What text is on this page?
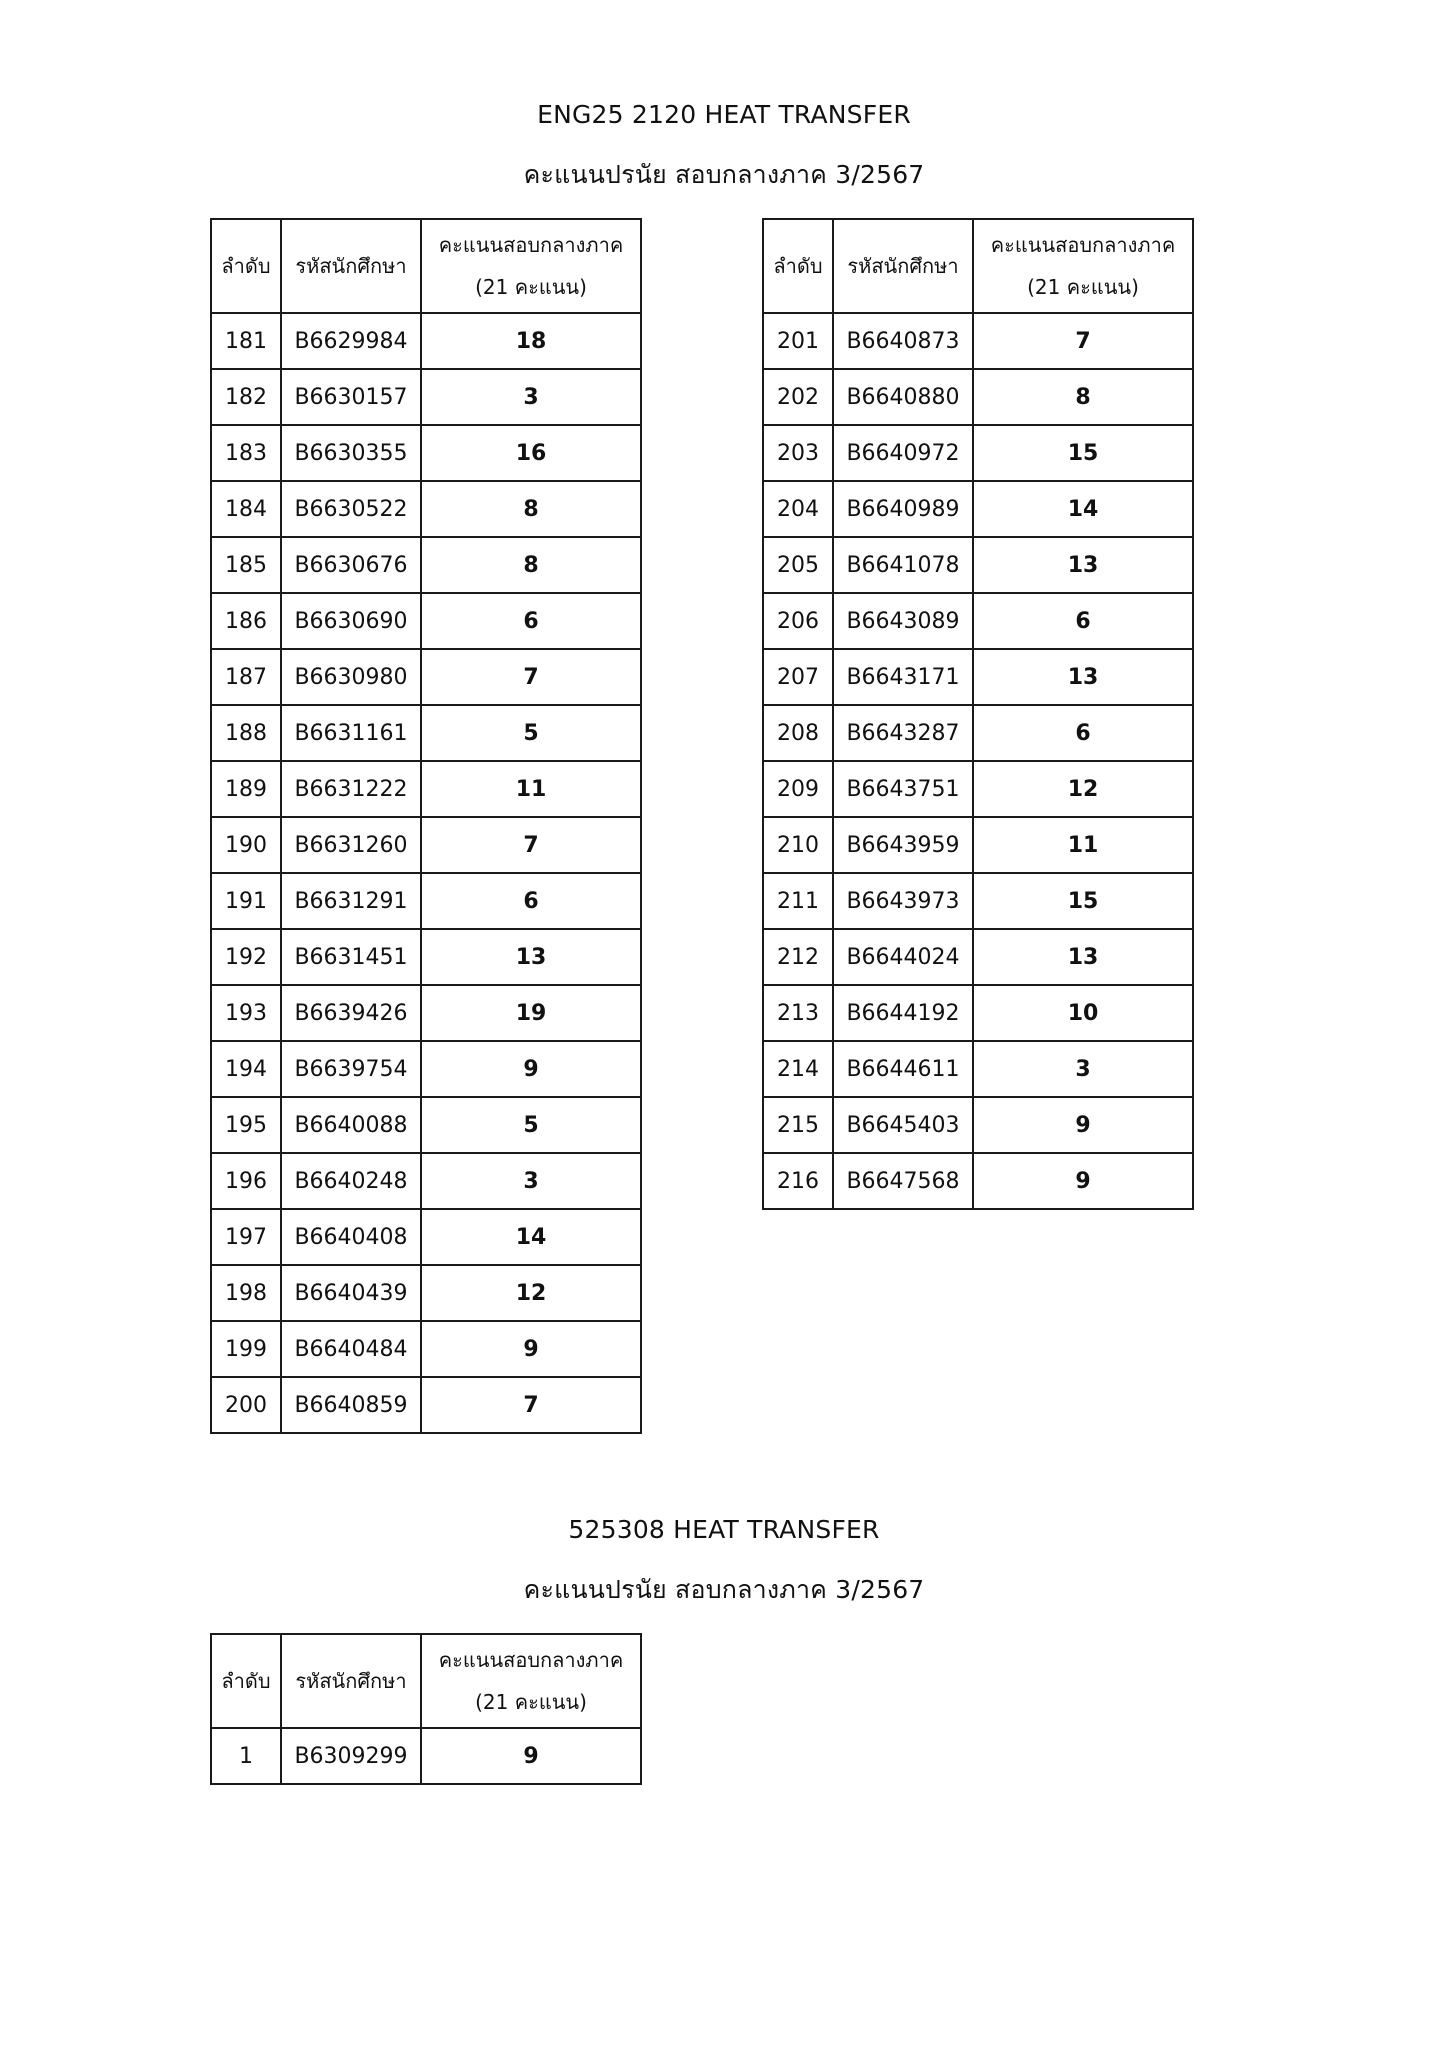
ENG25 2120 HEAT TRANSFER
คะแนนปรนัย สอบกลางภาค 3/2567
ลำดับ	รหัสนักศึกษา	คะแนนสอบกลางภาค
(21 คะแนน)

181	B6629984	18
182	B6630157	3
183	B6630355	16
184	B6630522	8
185	B6630676	8
186	B6630690	6
187	B6630980	7
188	B6631161	5
189	B6631222	11
190	B6631260	7
191	B6631291	6
192	B6631451	13
193	B6639426	19
194	B6639754	9
195	B6640088	5
196	B6640248	3
197	B6640408	14
198	B6640439	12
199	B6640484	9
200	B6640859	7
ลำดับ	รหัสนักศึกษา	คะแนนสอบกลางภาค
(21 คะแนน)

201	B6640873	7
202	B6640880	8
203	B6640972	15
204	B6640989	14
205	B6641078	13
206	B6643089	6
207	B6643171	13
208	B6643287	6
209	B6643751	12
210	B6643959	11
211	B6643973	15
212	B6644024	13
213	B6644192	10
214	B6644611	3
215	B6645403	9
216	B6647568	9
525308 HEAT TRANSFER
คะแนนปรนัย สอบกลางภาค 3/2567
ลำดับ	รหัสนักศึกษา	คะแนนสอบกลางภาค
(21 คะแนน)

1	B6309299	9
